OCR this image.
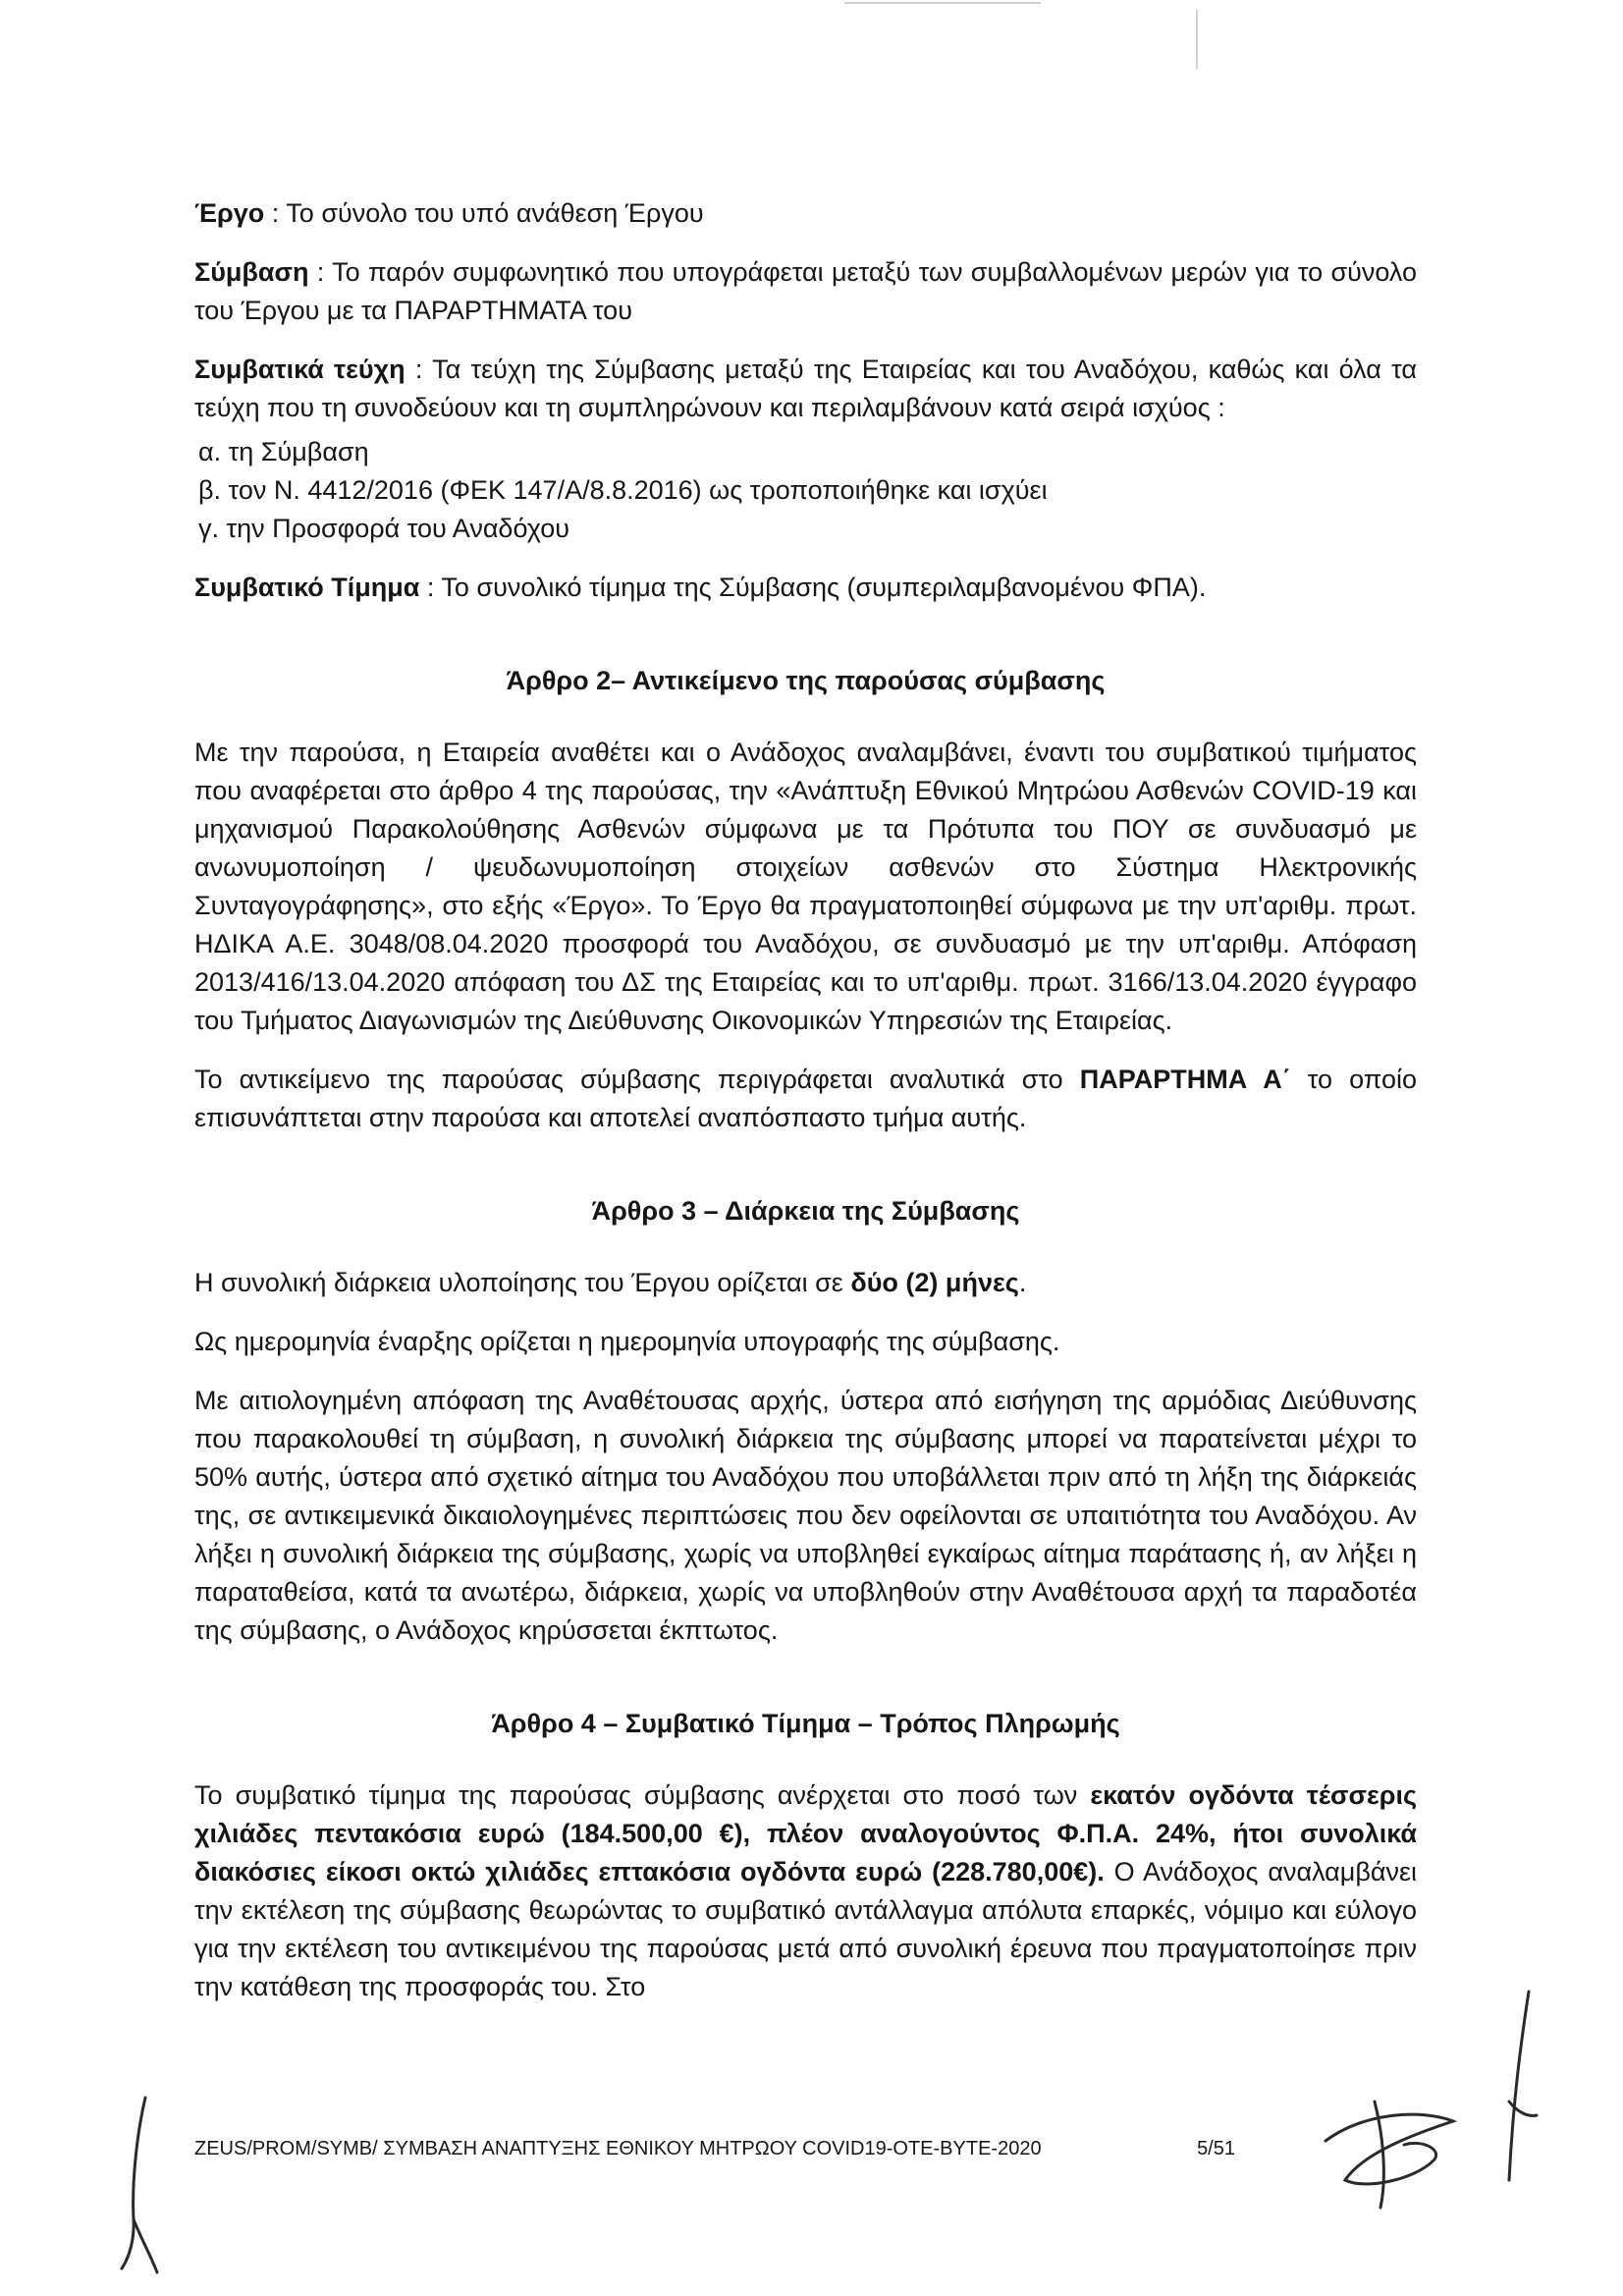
Έργο : Το σύνολο του υπό ανάθεση Έργου

Σύμβαση : Το παρόν συμφωνητικό που υπογράφεται μεταξύ των συμβαλλομένων μερών για το σύνολο του Έργου με τα ΠΑΡΑΡΤΗΜΑΤΑ του

Συμβατικά τεύχη : Τα τεύχη της Σύμβασης μεταξύ της Εταιρείας και του Αναδόχου, καθώς και όλα τα τεύχη που τη συνοδεύουν και τη συμπληρώνουν και περιλαμβάνουν κατά σειρά ισχύος :

α. τη Σύμβαση

β. τον Ν. 4412/2016 (ΦΕΚ 147/Α/8.8.2016) ως τροποποιήθηκε και ισχύει

γ. την Προσφορά του Αναδόχου

Συμβατικό Τίμημα : Το συνολικό τίμημα της Σύμβασης (συμπεριλαμβανομένου ΦΠΑ).

Άρθρο 2– Αντικείμενο της παρούσας σύμβασης

Με την παρούσα, η Εταιρεία αναθέτει και ο Ανάδοχος αναλαμβάνει, έναντι του συμβατικού τιμήματος που αναφέρεται στο άρθρο 4 της παρούσας, την «Ανάπτυξη Εθνικού Μητρώου Ασθενών COVID-19 και μηχανισμού Παρακολούθησης Ασθενών σύμφωνα με τα Πρότυπα του ΠΟΥ σε συνδυασμό με ανωνυμοποίηση / ψευδωνυμοποίηση στοιχείων ασθενών στο Σύστημα Ηλεκτρονικής Συνταγογράφησης», στο εξής «Έργο». Το Έργο θα πραγματοποιηθεί σύμφωνα με την υπ'αριθμ. πρωτ. ΗΔΙΚΑ Α.Ε. 3048/08.04.2020 προσφορά του Αναδόχου, σε συνδυασμό με την υπ'αριθμ. Απόφαση 2013/416/13.04.2020 απόφαση του ΔΣ της Εταιρείας και το υπ'αριθμ. πρωτ. 3166/13.04.2020 έγγραφο του Τμήματος Διαγωνισμών της Διεύθυνσης Οικονομικών Υπηρεσιών της Εταιρείας.

Το αντικείμενο της παρούσας σύμβασης περιγράφεται αναλυτικά στο ΠΑΡΑΡΤΗΜΑ Α΄ το οποίο επισυνάπτεται στην παρούσα και αποτελεί αναπόσπαστο τμήμα αυτής.

Άρθρο 3 – Διάρκεια της Σύμβασης

Η συνολική διάρκεια υλοποίησης του Έργου ορίζεται σε δύο (2) μήνες.

Ως ημερομηνία έναρξης ορίζεται η ημερομηνία υπογραφής της σύμβασης.

Με αιτιολογημένη απόφαση της Αναθέτουσας αρχής, ύστερα από εισήγηση της αρμόδιας Διεύθυνσης που παρακολουθεί τη σύμβαση, η συνολική διάρκεια της σύμβασης μπορεί να παρατείνεται μέχρι το 50% αυτής, ύστερα από σχετικό αίτημα του Αναδόχου που υποβάλλεται πριν από τη λήξη της διάρκειάς της, σε αντικειμενικά δικαιολογημένες περιπτώσεις που δεν οφείλονται σε υπαιτιότητα του Αναδόχου. Αν λήξει η συνολική διάρκεια της σύμβασης, χωρίς να υποβληθεί εγκαίρως αίτημα παράτασης ή, αν λήξει η παραταθείσα, κατά τα ανωτέρω, διάρκεια, χωρίς να υποβληθούν στην Αναθέτουσα αρχή τα παραδοτέα της σύμβασης, ο Ανάδοχος κηρύσσεται έκπτωτος.

Άρθρο 4 – Συμβατικό Τίμημα – Τρόπος Πληρωμής

Το συμβατικό τίμημα της παρούσας σύμβασης ανέρχεται στο ποσό των εκατόν ογδόντα τέσσερις χιλιάδες πεντακόσια ευρώ (184.500,00 €), πλέον αναλογούντος Φ.Π.Α. 24%, ήτοι συνολικά διακόσιες είκοσι οκτώ χιλιάδες επτακόσια ογδόντα ευρώ (228.780,00€). Ο Ανάδοχος αναλαμβάνει την εκτέλεση της σύμβασης θεωρώντας το συμβατικό αντάλλαγμα απόλυτα επαρκές, νόμιμο και εύλογο για την εκτέλεση του αντικειμένου της παρούσας μετά από συνολική έρευνα που πραγματοποίησε πριν την κατάθεση της προσφοράς του. Στο

ZEUS/PROM/SYMB/ ΣΥΜΒΑΣΗ ΑΝΑΠΤΥΞΗΣ ΕΘΝΙΚΟΥ ΜΗΤΡΩΟΥ COVID19-ΟΤΕ-ΒΥΤΕ-2020	5/51
